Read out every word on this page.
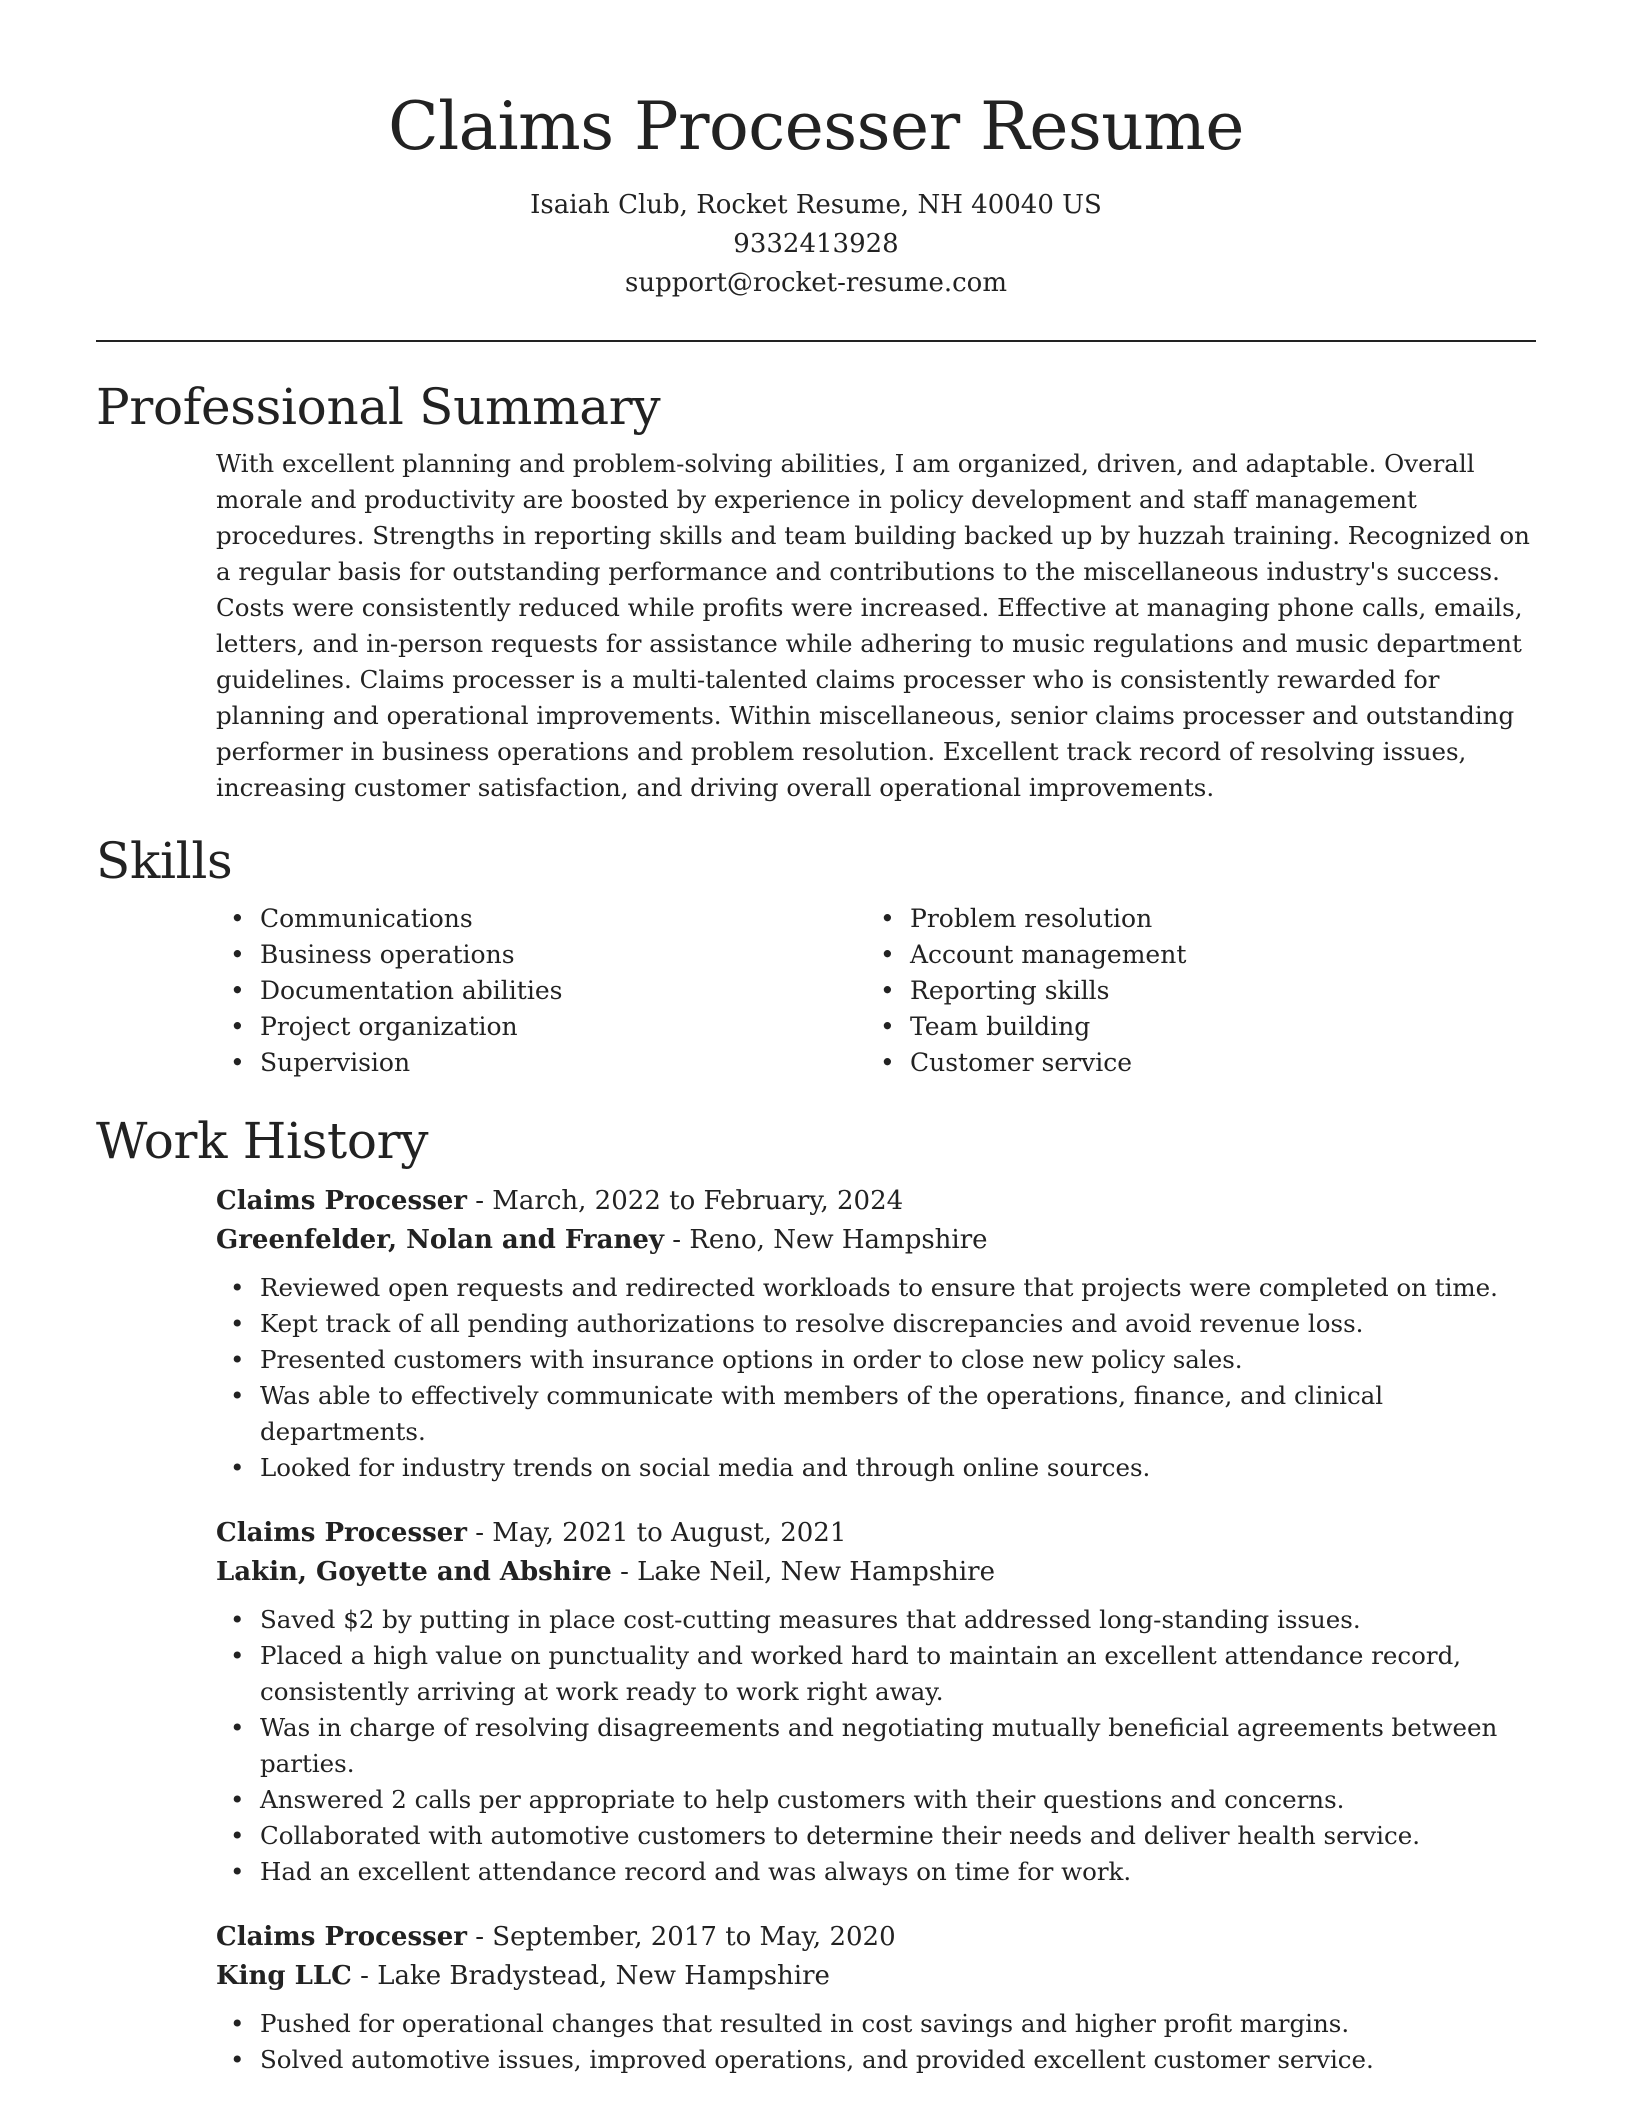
Claims Processer Resume
Isaiah Club, Rocket Resume, NH 40040 US
9332413928
support@rocket-resume.com
Professional Summary

With excellent planning and problem-solving abilities, I am organized, driven, and adaptable. Overall morale and productivity are boosted by experience in policy development and staff management procedures. Strengths in reporting skills and team building backed up by huzzah training. Recognized on a regular basis for outstanding performance and contributions to the miscellaneous industry's success. Costs were consistently reduced while profits were increased. Effective at managing phone calls, emails, letters, and in-person requests for assistance while adhering to music regulations and music department guidelines. Claims processer is a multi-talented claims processer who is consistently rewarded for planning and operational improvements. Within miscellaneous, senior claims processer and outstanding performer in business operations and problem resolution. Excellent track record of resolving issues, increasing customer satisfaction, and driving overall operational improvements.

Skills
• Communications
• Business operations
• Documentation abilities
• Project organization
• Supervision
• Problem resolution
• Account management
• Reporting skills
• Team building
• Customer service
Work History
Claims Processer - March, 2022 to February, 2024
Greenfelder, Nolan and Franey - Reno, New Hampshire
• Reviewed open requests and redirected workloads to ensure that projects were completed on time.
• Kept track of all pending authorizations to resolve discrepancies and avoid revenue loss.
• Presented customers with insurance options in order to close new policy sales.
• Was able to effectively communicate with members of the operations, finance, and clinical departments.
• Looked for industry trends on social media and through online sources.
Claims Processer - May, 2021 to August, 2021
Lakin, Goyette and Abshire - Lake Neil, New Hampshire
• Saved $2 by putting in place cost-cutting measures that addressed long-standing issues.
• Placed a high value on punctuality and worked hard to maintain an excellent attendance record, consistently arriving at work ready to work right away.
• Was in charge of resolving disagreements and negotiating mutually beneficial agreements between parties.
• Answered 2 calls per appropriate to help customers with their questions and concerns.
• Collaborated with automotive customers to determine their needs and deliver health service.
• Had an excellent attendance record and was always on time for work.
Claims Processer - September, 2017 to May, 2020
King LLC - Lake Bradystead, New Hampshire
• Pushed for operational changes that resulted in cost savings and higher profit margins.
• Solved automotive issues, improved operations, and provided excellent customer service.
